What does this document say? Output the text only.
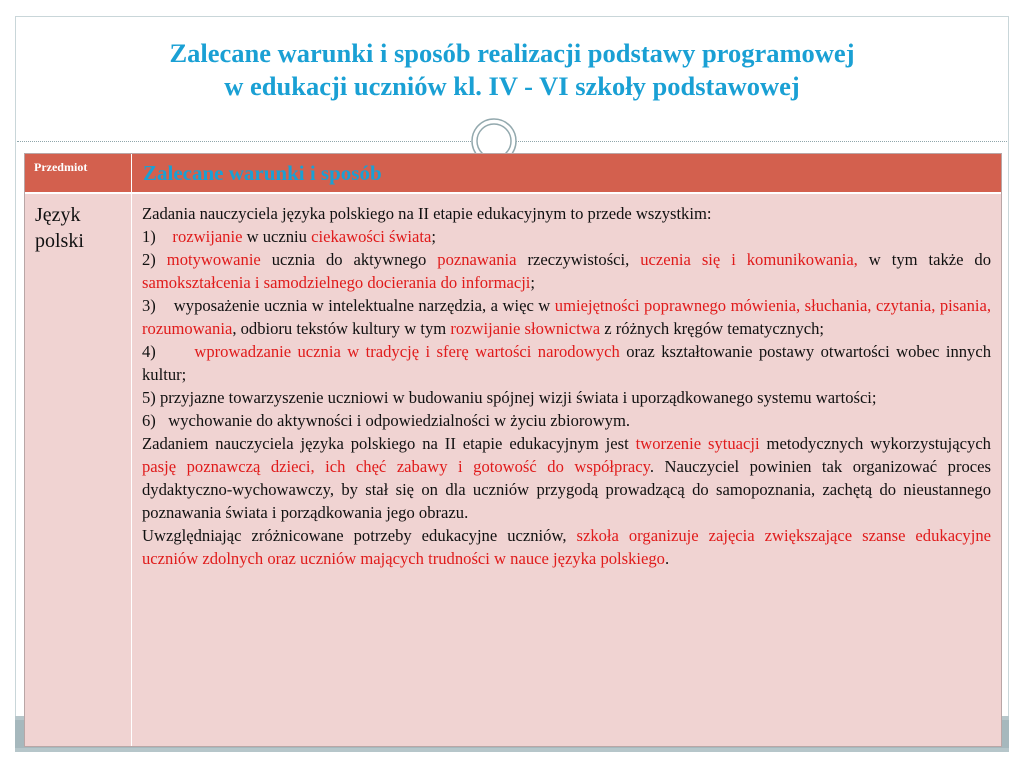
Zalecane warunki i sposób realizacji podstawy programowej
w edukacji uczniów kl. IV - VI szkoły podstawowej
Przedmiot	Zalecane warunki i sposób
Język polski

Zadania nauczyciela języka polskiego na II etapie edukacyjnym to przede wszystkim:

1) rozwijanie w uczniu ciekawości świata;

2) motywowanie ucznia do aktywnego poznawania rzeczywistości, uczenia się i komunikowania, w tym także do samokształcenia i samodzielnego docierania do informacji;

3) wyposażenie ucznia w intelektualne narzędzia, a więc w umiejętności poprawnego mówienia, słuchania, czytania, pisania, rozumowania, odbioru tekstów kultury w tym rozwijanie słownictwa z różnych kręgów tematycznych;

4) wprowadzanie ucznia w tradycję i sferę wartości narodowych oraz kształtowanie postawy otwartości wobec innych kultur;

5) przyjazne towarzyszenie uczniowi w budowaniu spójnej wizji świata i uporządkowanego systemu wartości;

6) wychowanie do aktywności i odpowiedzialności w życiu zbiorowym.

Zadaniem nauczyciela języka polskiego na II etapie edukacyjnym jest tworzenie sytuacji metodycznych wykorzystujących pasję poznawczą dzieci, ich chęć zabawy i gotowość do współpracy. Nauczyciel powinien tak organizować proces dydaktyczno-wychowawczy, by stał się on dla uczniów przygodą prowadzącą do samopoznania, zachętą do nieustannego poznawania świata i porządkowania jego obrazu.

Uwzględniając zróżnicowane potrzeby edukacyjne uczniów, szkoła organizuje zajęcia zwiększające szanse edukacyjne uczniów zdolnych oraz uczniów mających trudności w nauce języka polskiego.
